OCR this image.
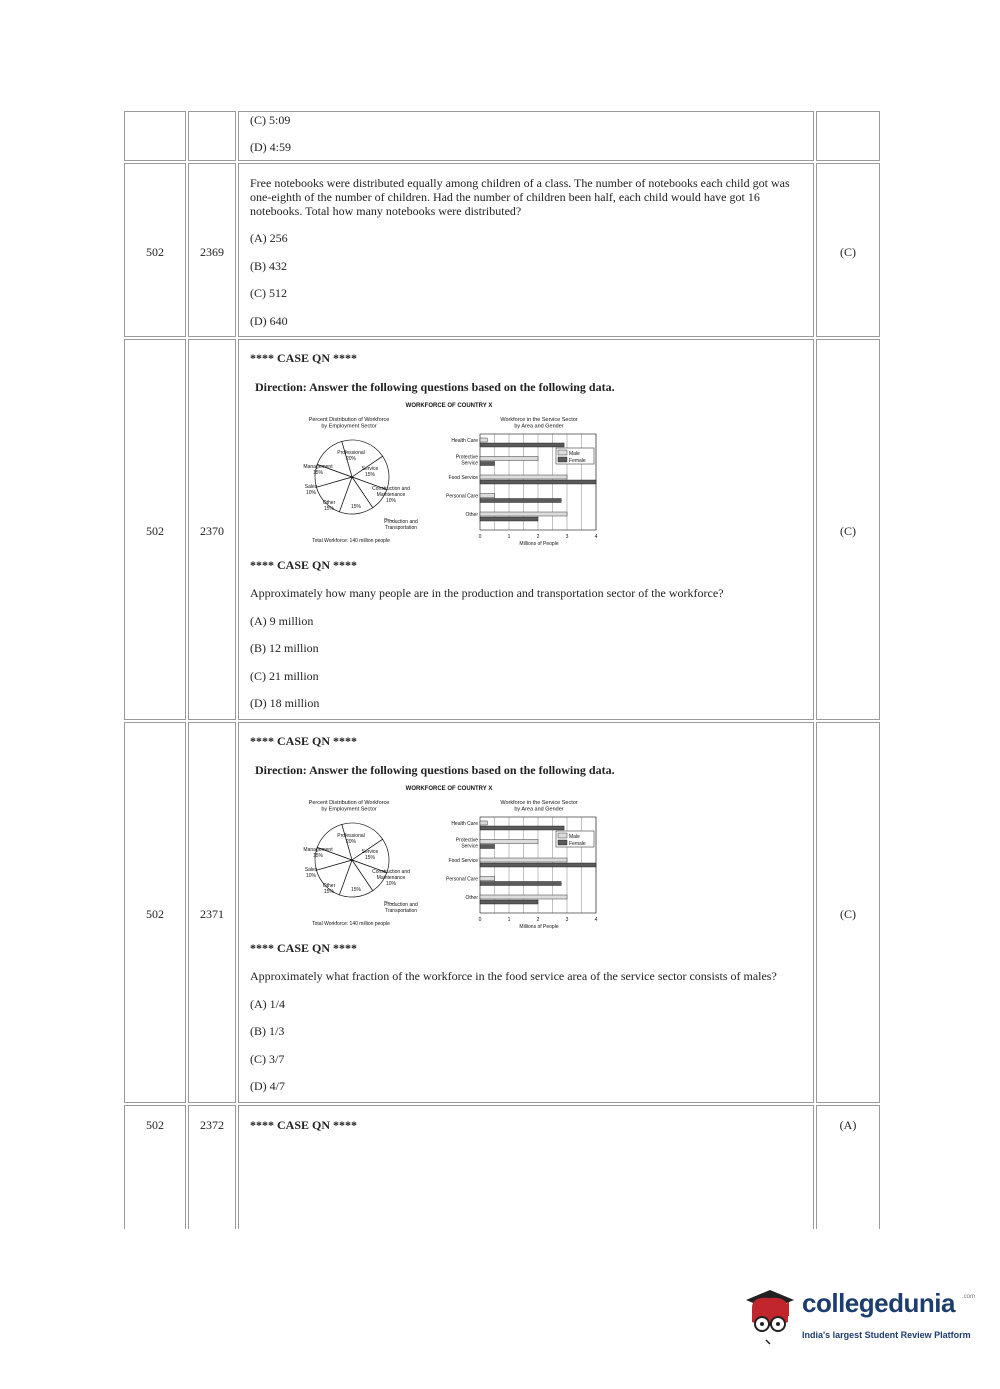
(C) 5:09
(D) 4:59
502	2369
Free notebooks were distributed equally among children of a class. The number of notebooks each child got was
one-eighth of the number of children. Had the number of children been half, each child would have got 16
notebooks. Total how many notebooks were distributed?
(A) 256
(B) 432
(C) 512
(D) 640
(C)
502	2370
**** CASE QN ****
Direction: Answer the following questions based on the following data.
WORKFORCE OF COUNTRY X
Percent Distribution of Workforce
by Employment Sector
Professional
20%
Service
15%
Construction and
Maintenance
10%
Production and
Transportation
15%
Other
15%
Sales
10%
Management
15%
Total Workforce: 140 million people
Workforce in the Service Sector
by Area and Gender
Health Care
Protective
Service
Food Service
Personal Care
Other
0	1	2	3	4
Millions of People
Male
Female
**** CASE QN ****
Approximately how many people are in the production and transportation sector of the workforce?
(A) 9 million
(B) 12 million
(C) 21 million
(D) 18 million
(C)
502	2371
**** CASE QN ****
Direction: Answer the following questions based on the following data.
WORKFORCE OF COUNTRY X
Percent Distribution of Workforce
by Employment Sector
Professional
20%
Service
15%
Construction and
Maintenance
10%
Production and
Transportation
15%
Other
15%
Sales
10%
Management
15%
Total Workforce: 140 million people
Workforce in the Service Sector
by Area and Gender
Health Care
Protective
Service
Food Service
Personal Care
Other
0	1	2	3	4
Millions of People
Male
Female
**** CASE QN ****
Approximately what fraction of the workforce in the food service area of the service sector consists of males?
(A) 1/4
(B) 1/3
(C) 3/7
(D) 4/7
(C)
502	2372	**** CASE QN ****	(A)
collegedunia .com
India's largest Student Review Platform
